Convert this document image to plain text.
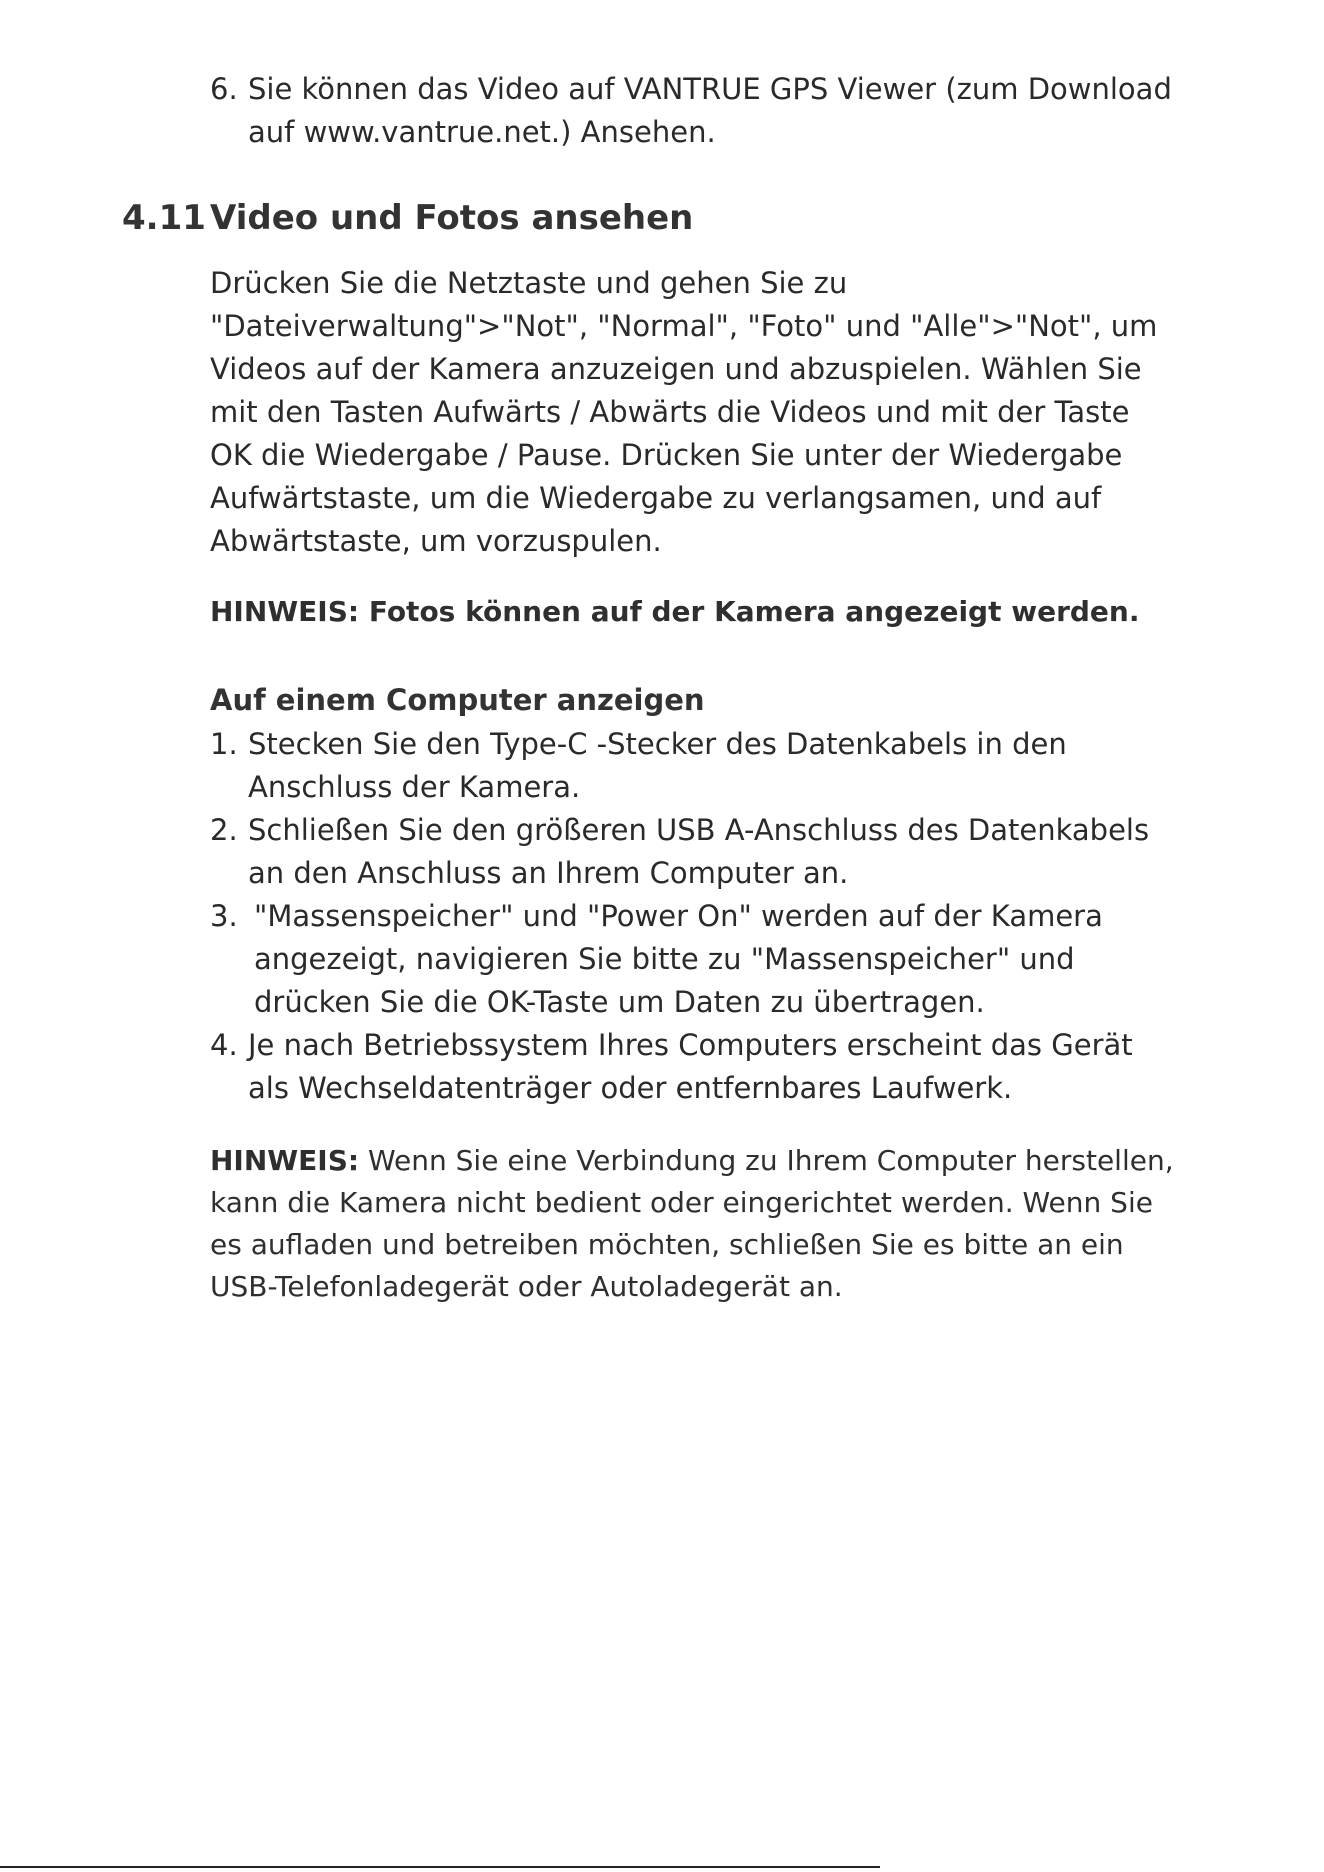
6. Sie können das Video auf VANTRUE GPS Viewer (zum Download auf www.vantrue.net.) Ansehen.
4.11 Video und Fotos ansehen

Drücken Sie die Netztaste und gehen Sie zu "Dateiverwaltung">"Not", "Normal", "Foto" und "Alle">"Not", um Videos auf der Kamera anzuzeigen und abzuspielen. Wählen Sie mit den Tasten Aufwärts / Abwärts die Videos und mit der Taste OK die Wiedergabe / Pause. Drücken Sie unter der Wiedergabe Aufwärtstaste, um die Wiedergabe zu verlangsamen, und auf Abwärtstaste, um vorzuspulen.

HINWEIS: Fotos können auf der Kamera angezeigt werden.
Auf einem Computer anzeigen
1. Stecken Sie den Type-C -Stecker des Datenkabels in den Anschluss der Kamera.
2. Schließen Sie den größeren USB A-Anschluss des Datenkabels an den Anschluss an Ihrem Computer an.
3. "Massenspeicher" und "Power On" werden auf der Kamera angezeigt, navigieren Sie bitte zu "Massenspeicher" und drücken Sie die OK-Taste um Daten zu übertragen.
4. Je nach Betriebssystem Ihres Computers erscheint das Gerät als Wechseldatenträger oder entfernbares Laufwerk.
HINWEIS: Wenn Sie eine Verbindung zu Ihrem Computer herstellen, kann die Kamera nicht bedient oder eingerichtet werden. Wenn Sie es aufladen und betreiben möchten, schließen Sie es bitte an ein USB-Telefonladegerät oder Autoladegerät an.
